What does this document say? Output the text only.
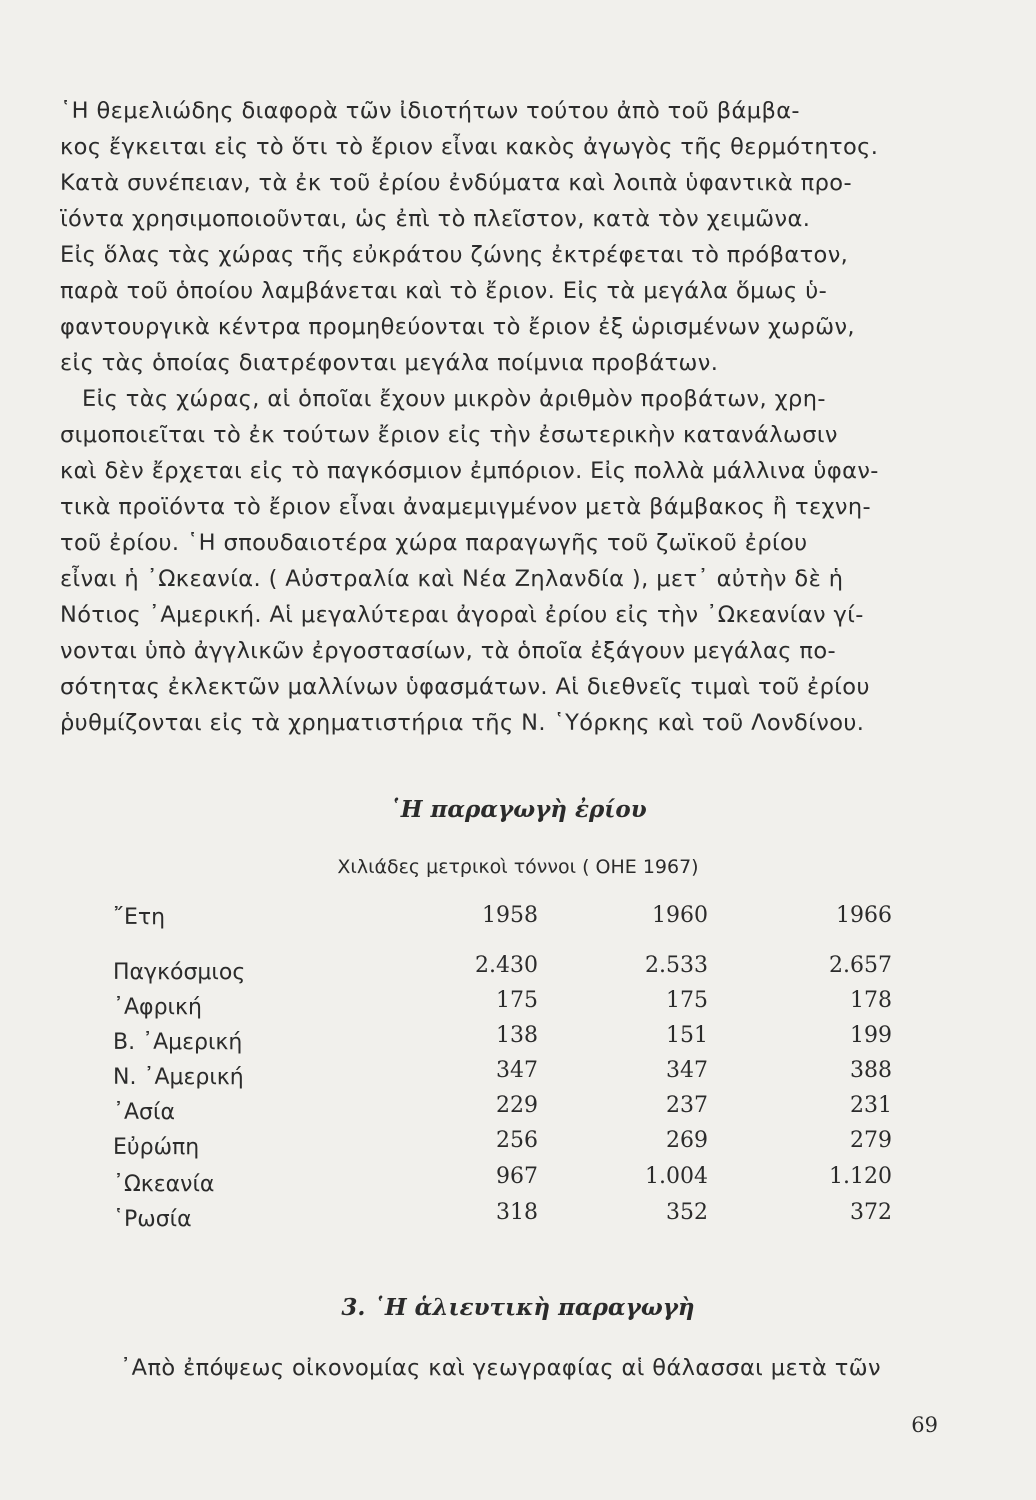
῾Η θεμελιώδης διαφορὰ τῶν ἰδιοτήτων τούτου ἀπὸ τοῦ βάμβα-
κος ἔγκειται εἰς τὸ ὅτι τὸ ἔριον εἶναι κακὸς ἀγωγὸς τῆς θερμότητος.
Κατὰ συνέπειαν, τὰ ἐκ τοῦ ἐρίου ἐνδύματα καὶ λοιπὰ ὑφαντικὰ προ-
ϊόντα χρησιμοποιοῦνται, ὡς ἐπὶ τὸ πλεῖστον, κατὰ τὸν χειμῶνα.
Εἰς ὅλας τὰς χώρας τῆς εὐκράτου ζώνης ἐκτρέφεται τὸ πρόβατον,
παρὰ τοῦ ὁποίου λαμβάνεται καὶ τὸ ἔριον. Εἰς τὰ μεγάλα ὅμως ὑ-
φαντουργικὰ κέντρα προμηθεύονται τὸ ἔριον ἐξ ὡρισμένων χωρῶν,
εἰς τὰς ὁποίας διατρέφονται μεγάλα ποίμνια προβάτων.
Εἰς τὰς χώρας, αἱ ὁποῖαι ἔχουν μικρὸν ἀριθμὸν προβάτων, χρη-
σιμοποιεῖται τὸ ἐκ τούτων ἔριον εἰς τὴν ἐσωτερικὴν κατανάλωσιν
καὶ δὲν ἔρχεται εἰς τὸ παγκόσμιον ἐμπόριον. Εἰς πολλὰ μάλλινα ὑφαν-
τικὰ προϊόντα τὸ ἔριον εἶναι ἀναμεμιγμένον μετὰ βάμβακος ἢ τεχνη-
τοῦ ἐρίου. ῾Η σπουδαιοτέρα χώρα παραγωγῆς τοῦ ζωϊκοῦ ἐρίου
εἶναι ἡ ᾿Ωκεανία. ( Αὐστραλία καὶ Νέα Ζηλανδία ), μετ᾿ αὐτὴν δὲ ἡ
Νότιος ᾿Αμερική. Αἱ μεγαλύτεραι ἀγοραὶ ἐρίου εἰς τὴν ᾿Ωκεανίαν γί-
νονται ὑπὸ ἀγγλικῶν ἐργοστασίων, τὰ ὁποῖα ἐξάγουν μεγάλας πο-
σότητας ἐκλεκτῶν μαλλίνων ὑφασμάτων. Αἱ διεθνεῖς τιμαὶ τοῦ ἐρίου
ῥυθμίζονται εἰς τὰ χρηματιστήρια τῆς Ν. ῾Υόρκης καὶ τοῦ Λονδίνου.
῾Η παραγωγὴ ἐρίου
Χιλιάδες μετρικοὶ τόννοι ( ΟΗΕ 1967)
῎Ετη	1958	1960	1966
Παγκόσμιος	2.430	2.533	2.657
᾿Αφρική	175	175	178
Β. ᾿Αμερική	138	151	199
Ν. ᾿Αμερική	347	347	388
᾿Ασία	229	237	231
Εὐρώπη	256	269	279
᾿Ωκεανία	967	1.004	1.120
῾Ρωσία	318	352	372
3. ῾Η ἁλιευτικὴ παραγωγὴ
᾿Απὸ ἐπόψεως οἰκονομίας καὶ γεωγραφίας αἱ θάλασσαι μετὰ τῶν
69
